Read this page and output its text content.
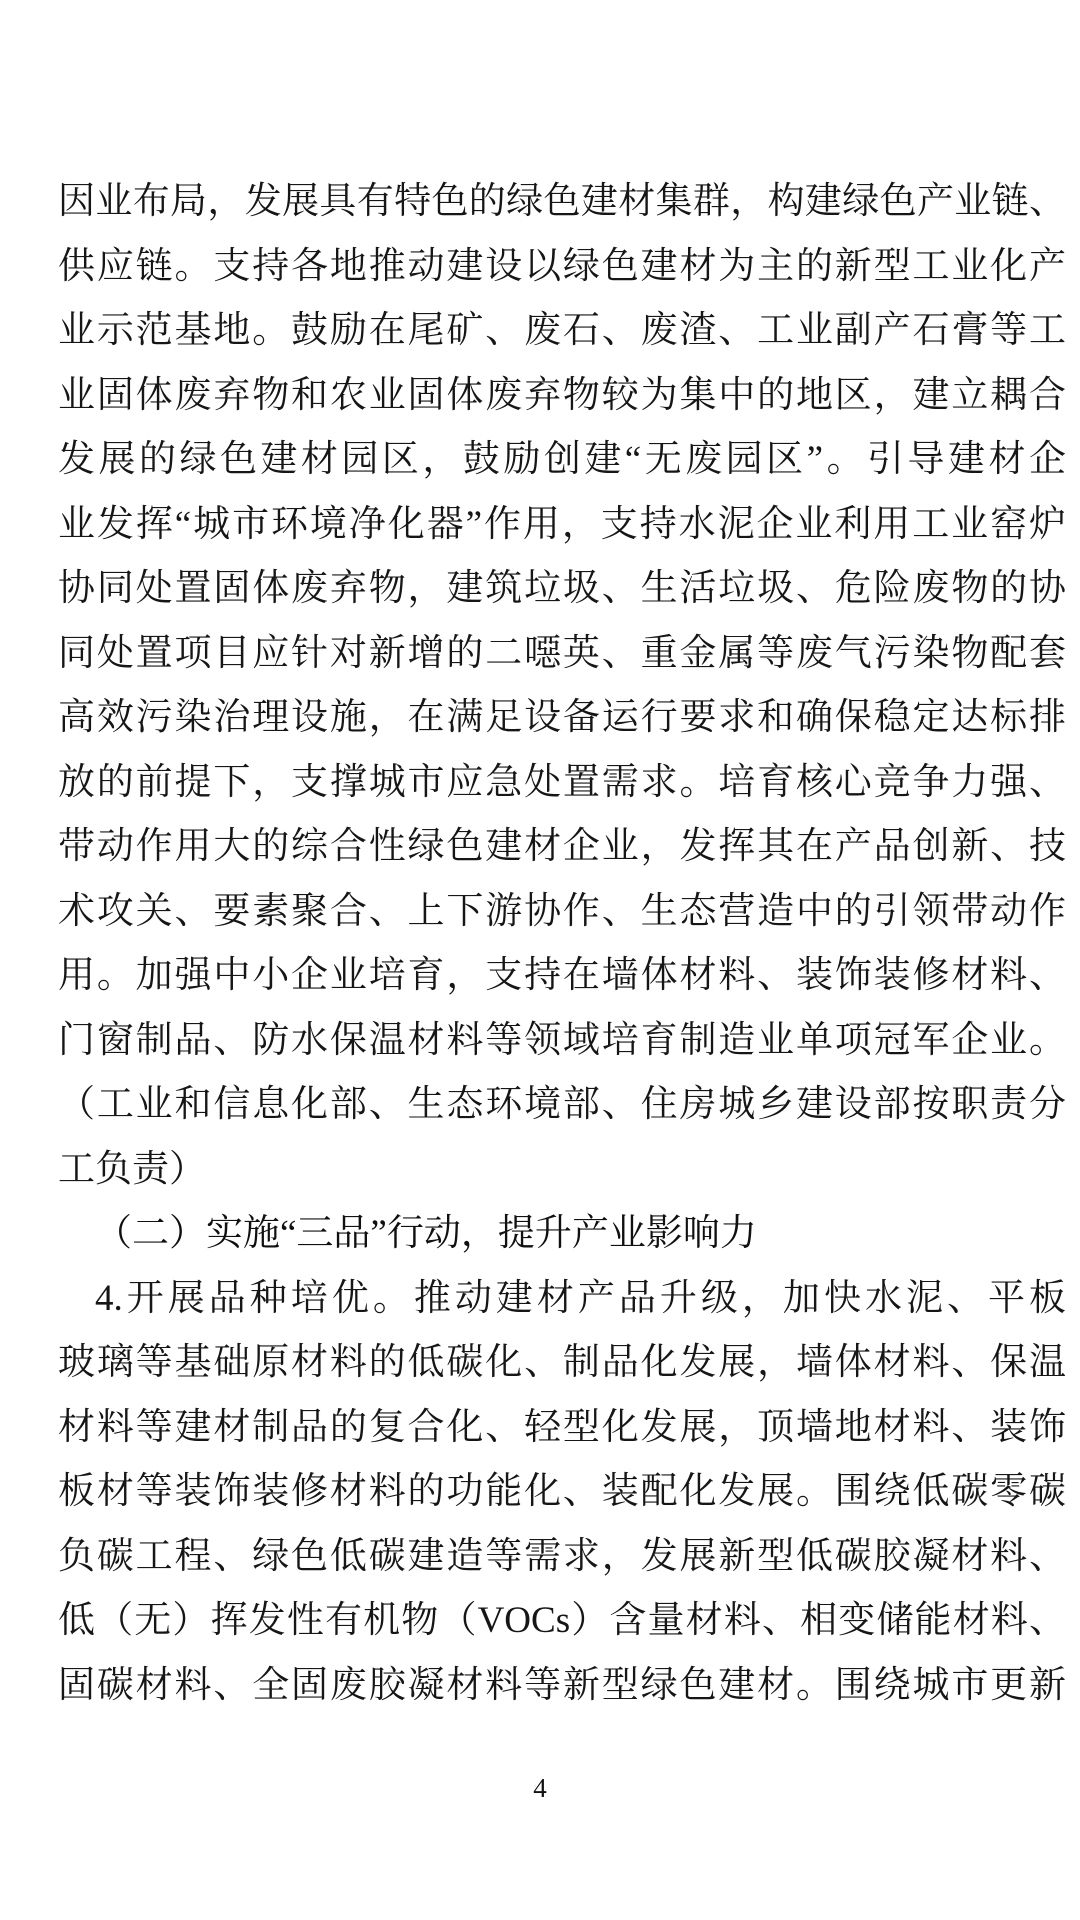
因业布局，发展具有特色的绿色建材集群，构建绿色产业链、
供应链。支持各地推动建设以绿色建材为主的新型工业化产
业示范基地。鼓励在尾矿、废石、废渣、工业副产石膏等工
业固体废弃物和农业固体废弃物较为集中的地区，建立耦合
发展的绿色建材园区，鼓励创建“无废园区”。引导建材企
业发挥“城市环境净化器”作用，支持水泥企业利用工业窑炉
协同处置固体废弃物，建筑垃圾、生活垃圾、危险废物的协
同处置项目应针对新增的二噁英、重金属等废气污染物配套
高效污染治理设施，在满足设备运行要求和确保稳定达标排
放的前提下，支撑城市应急处置需求。培育核心竞争力强、
带动作用大的综合性绿色建材企业，发挥其在产品创新、技
术攻关、要素聚合、上下游协作、生态营造中的引领带动作
用。加强中小企业培育，支持在墙体材料、装饰装修材料、
门窗制品、防水保温材料等领域培育制造业单项冠军企业。
（工业和信息化部、生态环境部、住房城乡建设部按职责分
工负责）
（二）实施“三品”行动，提升产业影响力
4.开展品种培优。推动建材产品升级，加快水泥、平板
玻璃等基础原材料的低碳化、制品化发展，墙体材料、保温
材料等建材制品的复合化、轻型化发展，顶墙地材料、装饰
板材等装饰装修材料的功能化、装配化发展。围绕低碳零碳
负碳工程、绿色低碳建造等需求，发展新型低碳胶凝材料、
低（无）挥发性有机物（VOCs）含量材料、相变储能材料、
固碳材料、全固废胶凝材料等新型绿色建材。围绕城市更新
4
